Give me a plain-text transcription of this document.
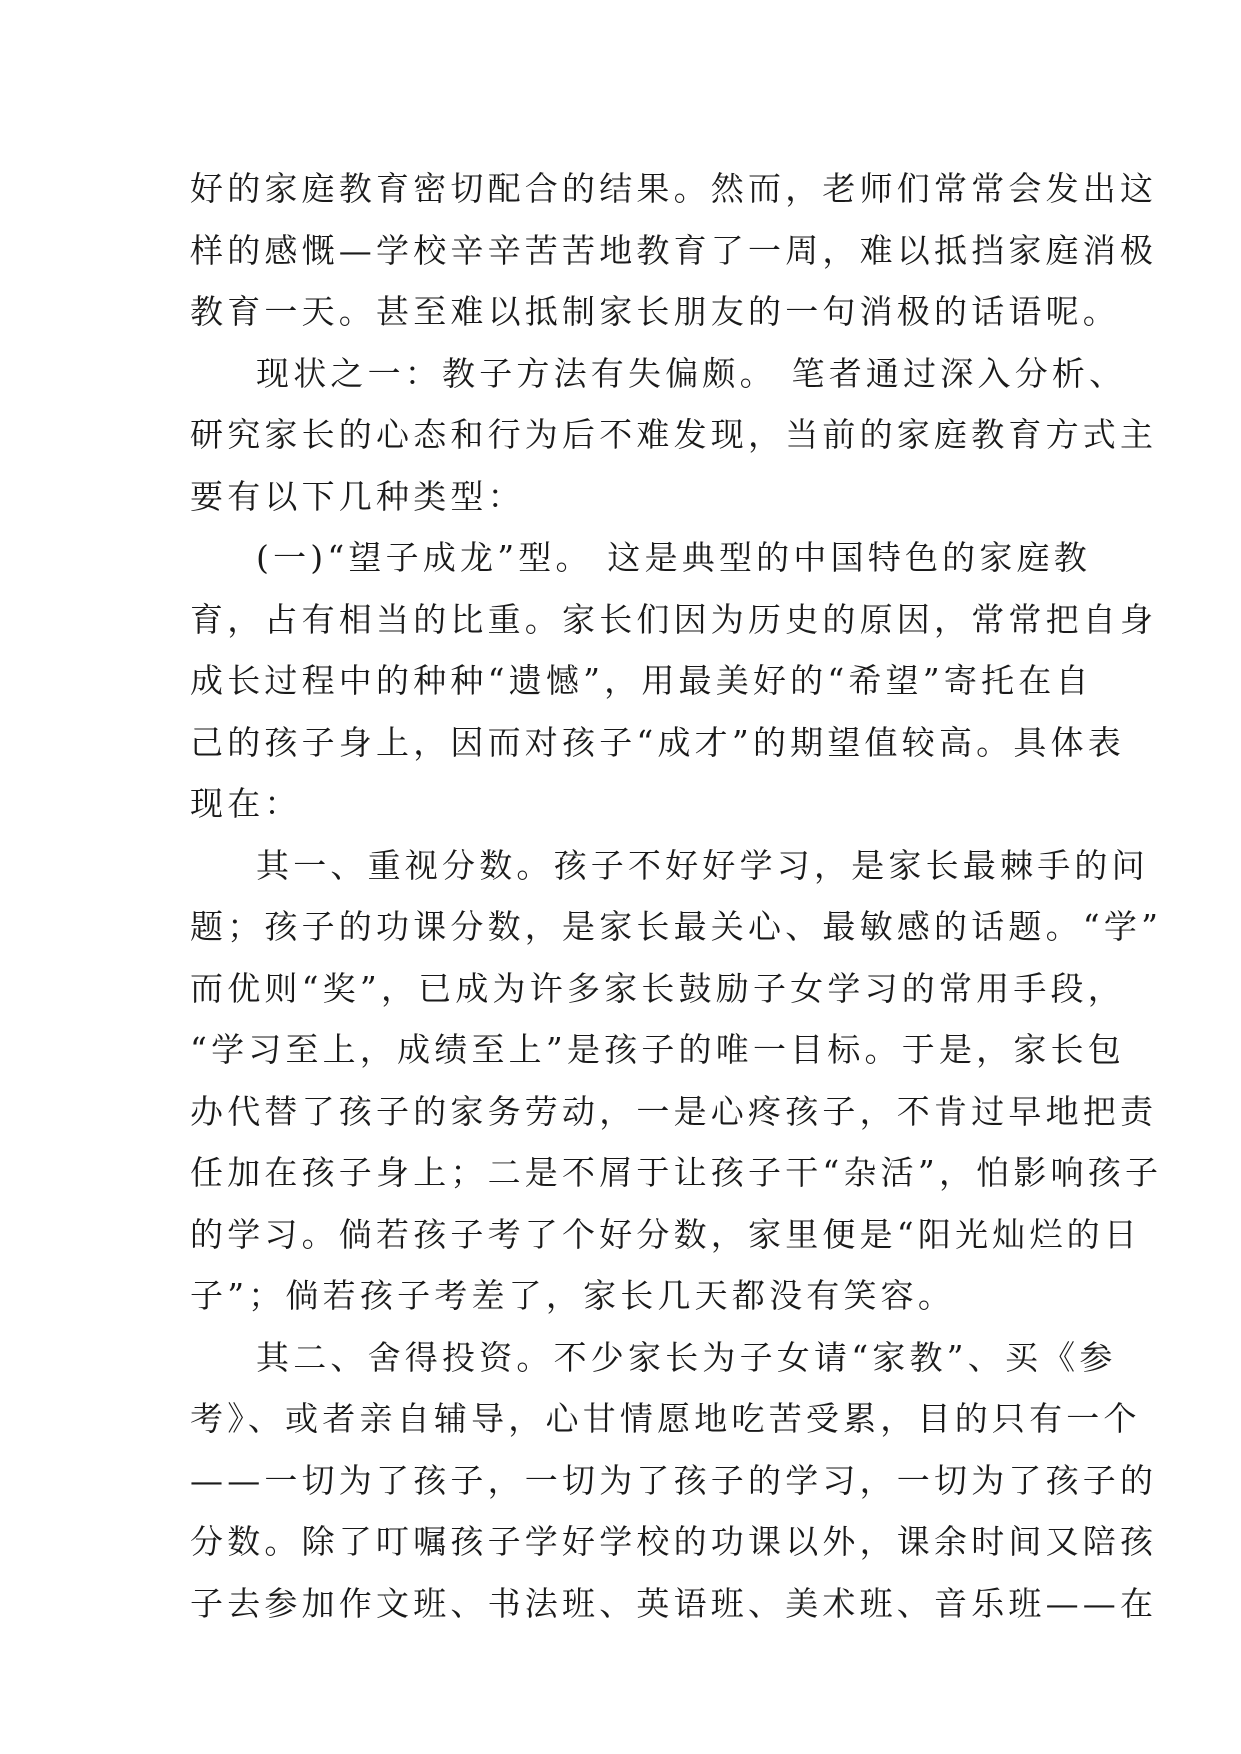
好的家庭教育密切配合的结果。然而，老师们常常会发出这
样的感慨—学校辛辛苦苦地教育了一周，难以抵挡家庭消极
教育一天。甚至难以抵制家长朋友的一句消极的话语呢。
现状之一：教子方法有失偏颇。 笔者通过深入分析、
研究家长的心态和行为后不难发现，当前的家庭教育方式主
要有以下几种类型：
(一)“望子成龙”型。 这是典型的中国特色的家庭教
育，占有相当的比重。家长们因为历史的原因，常常把自身
成长过程中的种种“遗憾”，用最美好的“希望”寄托在自
己的孩子身上，因而对孩子“成才”的期望值较高。具体表
现在：
其一、重视分数。孩子不好好学习，是家长最棘手的问
题；孩子的功课分数，是家长最关心、最敏感的话题。“学”
而优则“奖”，已成为许多家长鼓励子女学习的常用手段，
“学习至上，成绩至上”是孩子的唯一目标。于是，家长包
办代替了孩子的家务劳动，一是心疼孩子，不肯过早地把责
任加在孩子身上；二是不屑于让孩子干“杂活”，怕影响孩子
的学习。倘若孩子考了个好分数，家里便是“阳光灿烂的日
子”；倘若孩子考差了，家长几天都没有笑容。
其二、舍得投资。不少家长为子女请“家教”、买《参
考》、或者亲自辅导，心甘情愿地吃苦受累，目的只有一个
——一切为了孩子，一切为了孩子的学习，一切为了孩子的
分数。除了叮嘱孩子学好学校的功课以外，课余时间又陪孩
子去参加作文班、书法班、英语班、美术班、音乐班——在
